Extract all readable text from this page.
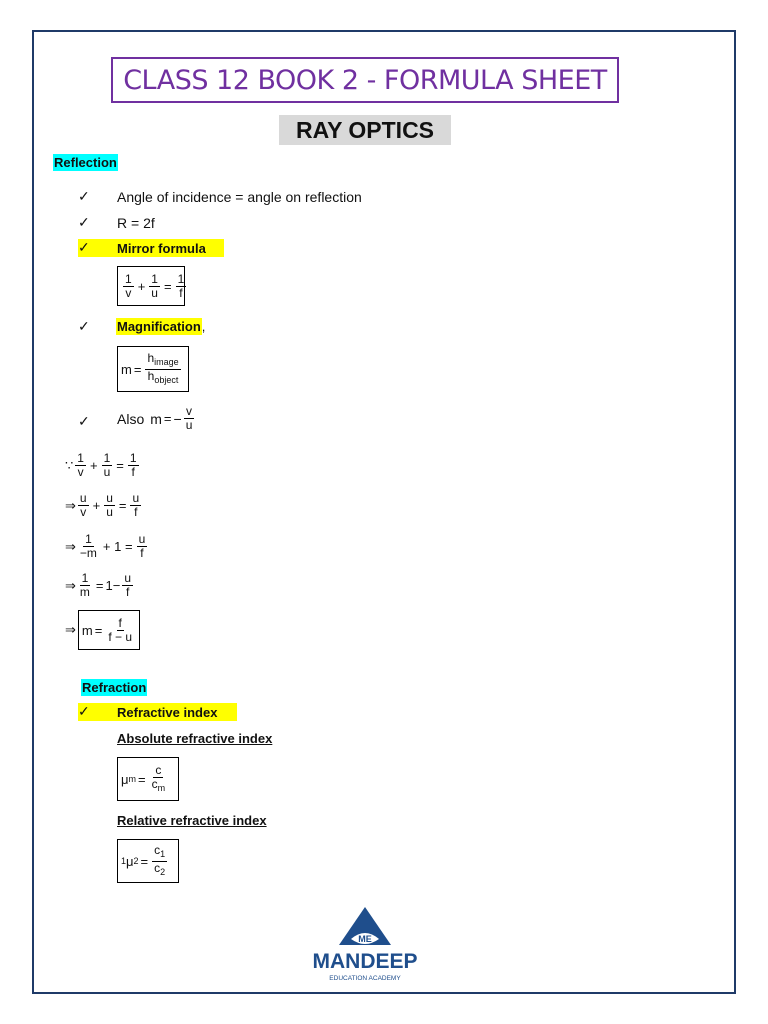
CLASS 12 BOOK 2 - FORMULA SHEET
RAY OPTICS
Reflection
✓ Angle of incidence = angle on reflection
✓ R = 2f
✓ Mirror formula
$\frac{1}{v} + \frac{1}{u} = \frac{1}{f}$
✓ Magnification ,
$m = \frac{h_{image}}{h_{object}}$
✓ Also m = − $\frac{v}{u}$
∵ $\frac{1}{v} + \frac{1}{u} = \frac{1}{f}$
⇒ $\frac{u}{v} + \frac{u}{u} = \frac{u}{f}$
⇒ $\frac{1}{-m} + 1 = \frac{u}{f}$
⇒ $\frac{1}{m} = 1- \frac{u}{f}$
⇒ $m = \frac{f}{f - u}$
Refraction
✓ Refractive index
Absolute refractive index
μ $m = \frac{c}{c_m}$
Relative refractive index
1 μ $2 = \frac{c_1}{c_2}$
ME
MANDEEP
EDUCATION ACADEMY
